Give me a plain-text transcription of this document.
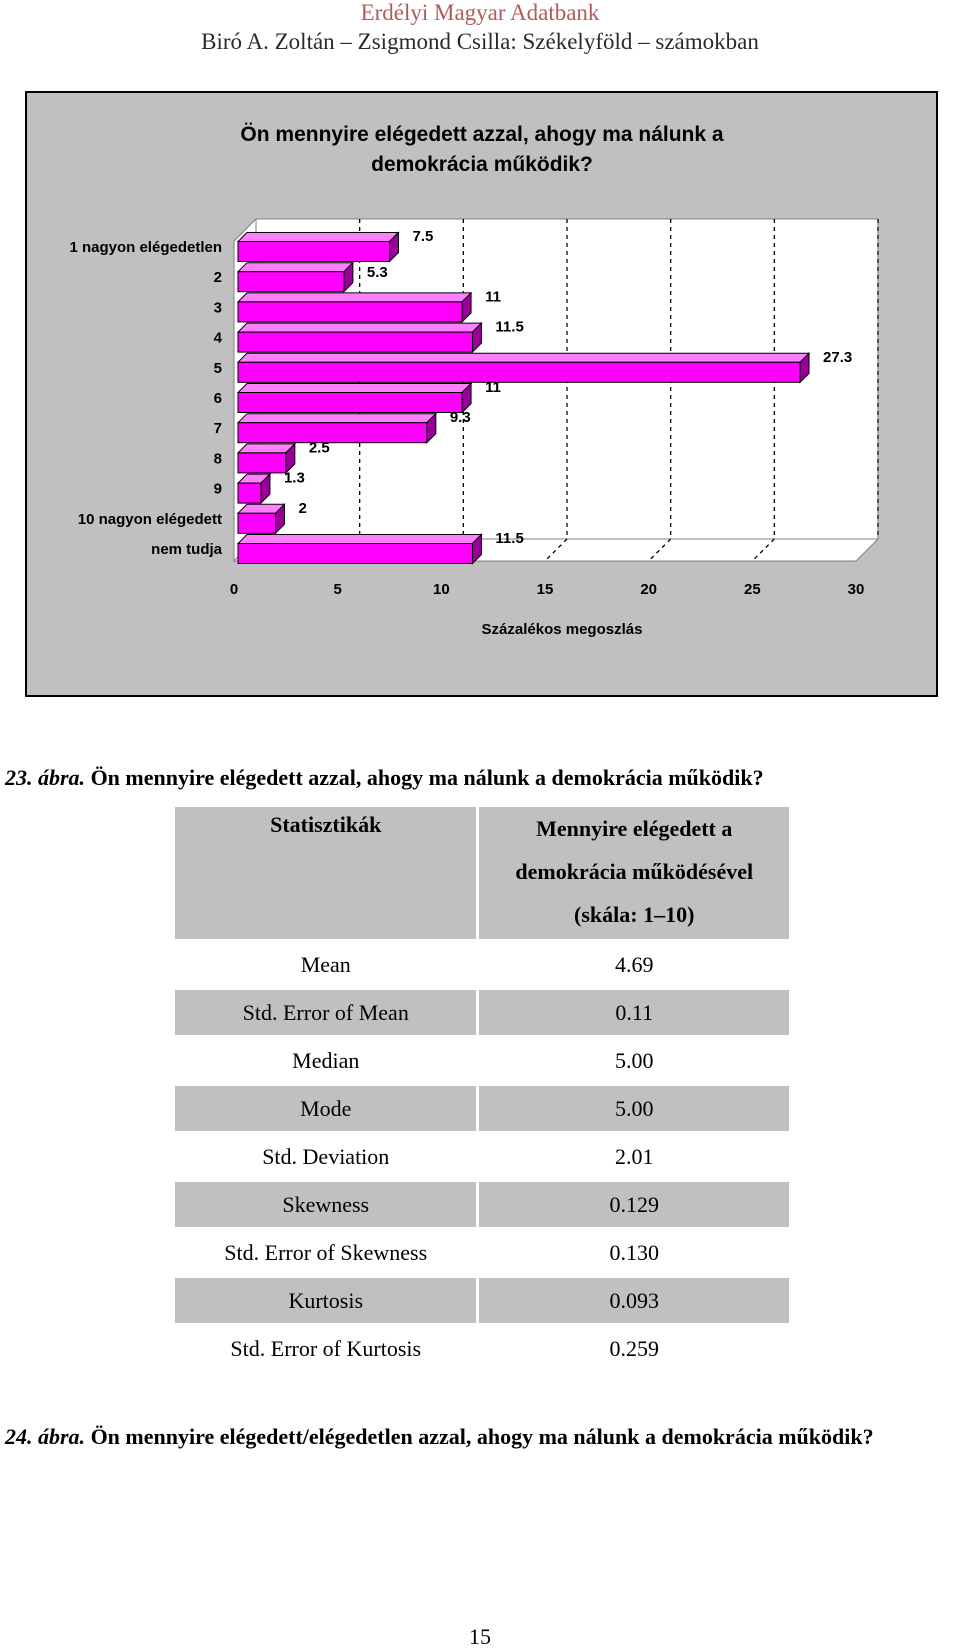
Erdélyi Magyar Adatbank
Biró A. Zoltán – Zsigmond Csilla: Székelyföld – számokban
Ön mennyire elégedett azzal, ahogy ma nálunk a
demokrácia működik?
0	5	10	15	20	25	30
7.5
1 nagyon elégedetlen
5.3
2
11
3
11.5
4
27.3
5
11
6
9.3
7
2.5
8
1.3
9
2
10 nagyon elégedett
11.5
nem tudja
Százalékos megoszlás
23. ábra. Ön mennyire elégedett azzal, ahogy ma nálunk a demokrácia működik?
Statisztikák	Mennyire elégedett a
demokrácia működésével
(skála: 1–10)

Mean	4.69
Std. Error of Mean	0.11
Median	5.00
Mode	5.00
Std. Deviation	2.01
Skewness	0.129
Std. Error of Skewness	0.130
Kurtosis	0.093
Std. Error of Kurtosis	0.259
24. ábra. Ön mennyire elégedett/elégedetlen azzal, ahogy ma nálunk a demokrácia működik?
15
